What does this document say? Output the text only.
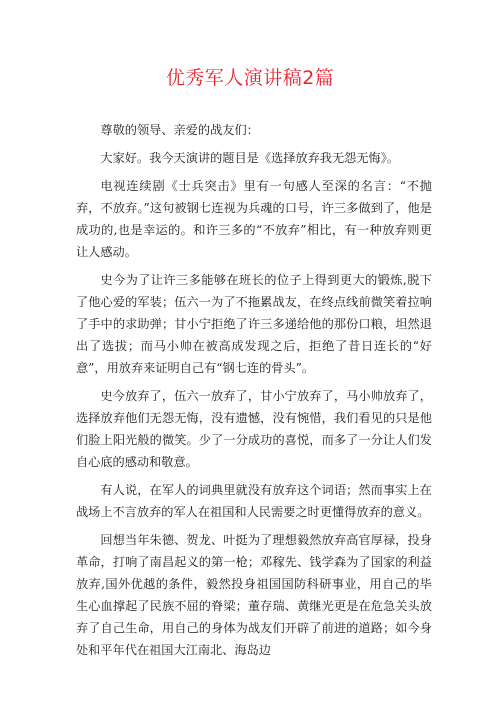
优秀军人演讲稿2篇

尊敬的领导、亲爱的战友们：

大家好。我今天演讲的题目是《选择放弃我无怨无悔》。

电视连续剧《士兵突击》里有一句感人至深的名言：“不抛弃，不放弃。”这句被钢七连视为兵魂的口号，许三多做到了，他是成功的,也是幸运的。和许三多的“不放弃”相比，有一种放弃则更让人感动。

史今为了让许三多能够在班长的位子上得到更大的锻炼,脱下了他心爱的军装；伍六一为了不拖累战友，在终点线前微笑着拉响了手中的求助弹；甘小宁拒绝了许三多递给他的那份口粮，坦然退出了选拔；而马小帅在被高成发现之后，拒绝了昔日连长的“好意”，用放弃来证明自己有“钢七连的骨头”。

史今放弃了，伍六一放弃了，甘小宁放弃了，马小帅放弃了，选择放弃他们无怨无悔，没有遗憾，没有惋惜，我们看见的只是他们脸上阳光般的微笑。少了一分成功的喜悦，而多了一分让人们发自心底的感动和敬意。

有人说，在军人的词典里就没有放弃这个词语；然而事实上在战场上不言放弃的军人在祖国和人民需要之时更懂得放弃的意义。

回想当年朱德、贺龙、叶挺为了理想毅然放弃高官厚禄，投身革命，打响了南昌起义的第一枪；邓稼先、钱学森为了国家的利益放弃,国外优越的条件，毅然投身祖国国防科研事业，用自己的毕生心血撑起了民族不屈的脊梁；董存瑞、黄继光更是在危急关头放弃了自己生命，用自己的身体为战友们开辟了前进的道路；如今身处和平年代在祖国大江南北、海岛边
